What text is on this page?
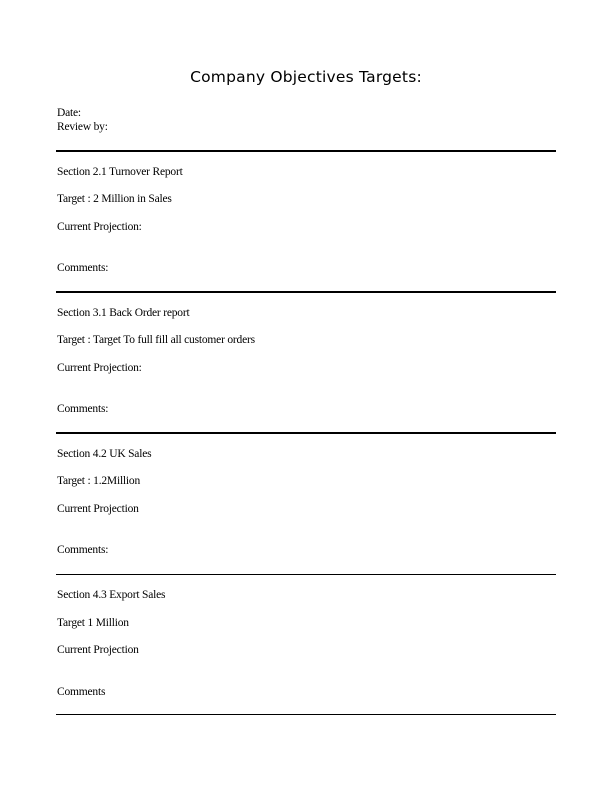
Company Objectives Targets:
Date:
Review by:
Section 2.1 Turnover Report
Target : 2 Million in Sales
Current Projection:
Comments:
Section 3.1 Back Order report
Target : Target To full fill all customer orders
Current Projection:
Comments:
Section 4.2 UK Sales
Target : 1.2Million
Current Projection
Comments:
Section 4.3 Export Sales
Target 1 Million
Current Projection
Comments
